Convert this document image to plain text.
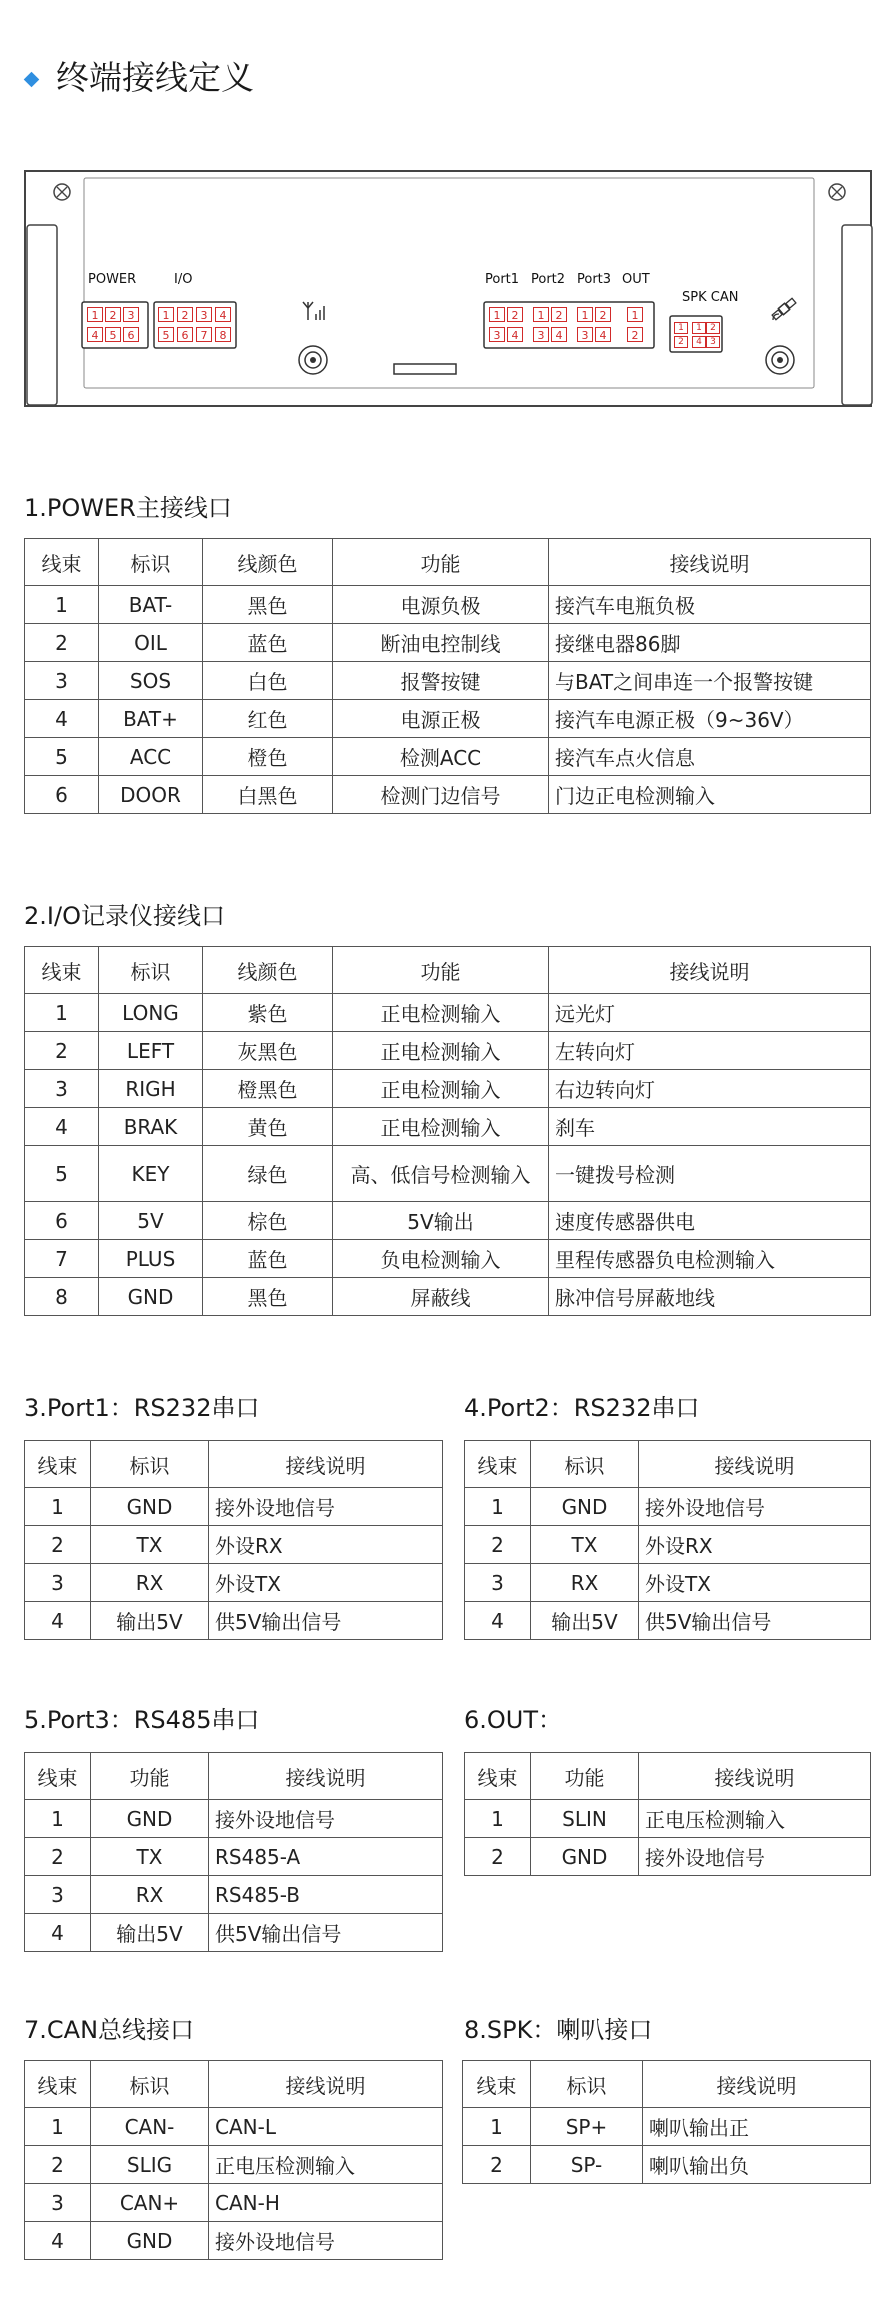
终端接线定义
POWER	I/O	Port1 Port2 Port3 OUT
SPK CAN
1	2	3
4	5	6
1	2	3	4
5	6	7	8
1	2
3	4
1	2
3	4
1	2
3	4
1
2
1
2
1 2
4 3
1.POWER主接线口
线束	标识	线颜色	功能	接线说明
1	BAT-	黑色	电源负极	接汽车电瓶负极
2	OIL	蓝色	断油电控制线	接继电器86脚
3	SOS	白色	报警按键	与BAT之间串连一个报警按键
4	BAT+	红色	电源正极	接汽车电源正极（9~36V）
5	ACC	橙色	检测ACC	接汽车点火信息
6	DOOR	白黑色	检测门边信号	门边正电检测输入
2.I/O记录仪接线口
线束	标识	线颜色	功能	接线说明
1	LONG	紫色	正电检测输入	远光灯
2	LEFT	灰黑色	正电检测输入	左转向灯
3	RIGH	橙黑色	正电检测输入	右边转向灯
4	BRAK	黄色	正电检测输入	刹车
5	KEY	绿色	高、低信号检测输入	一键拨号检测
6	5V	棕色	5V输出	速度传感器供电
7	PLUS	蓝色	负电检测输入	里程传感器负电检测输入
8	GND	黑色	屏蔽线	脉冲信号屏蔽地线
3.Port1：RS232串口
线束	标识	接线说明
1	GND	接外设地信号
2	TX	外设RX
3	RX	外设TX
4	输出5V	供5V输出信号
4.Port2：RS232串口
线束	标识	接线说明
1	GND	接外设地信号
2	TX	外设RX
3	RX	外设TX
4	输出5V	供5V输出信号
5.Port3：RS485串口
线束	功能	接线说明
1	GND	接外设地信号
2	TX	RS485-A
3	RX	RS485-B
4	输出5V	供5V输出信号
6.OUT：
线束	功能	接线说明
1	SLIN	正电压检测输入
2	GND	接外设地信号
7.CAN总线接口
线束	标识	接线说明
1	CAN-	CAN-L
2	SLIG	正电压检测输入
3	CAN+	CAN-H
4	GND	接外设地信号
8.SPK：喇叭接口
线束	标识	接线说明
1	SP+	喇叭输出正
2	SP-	喇叭输出负
